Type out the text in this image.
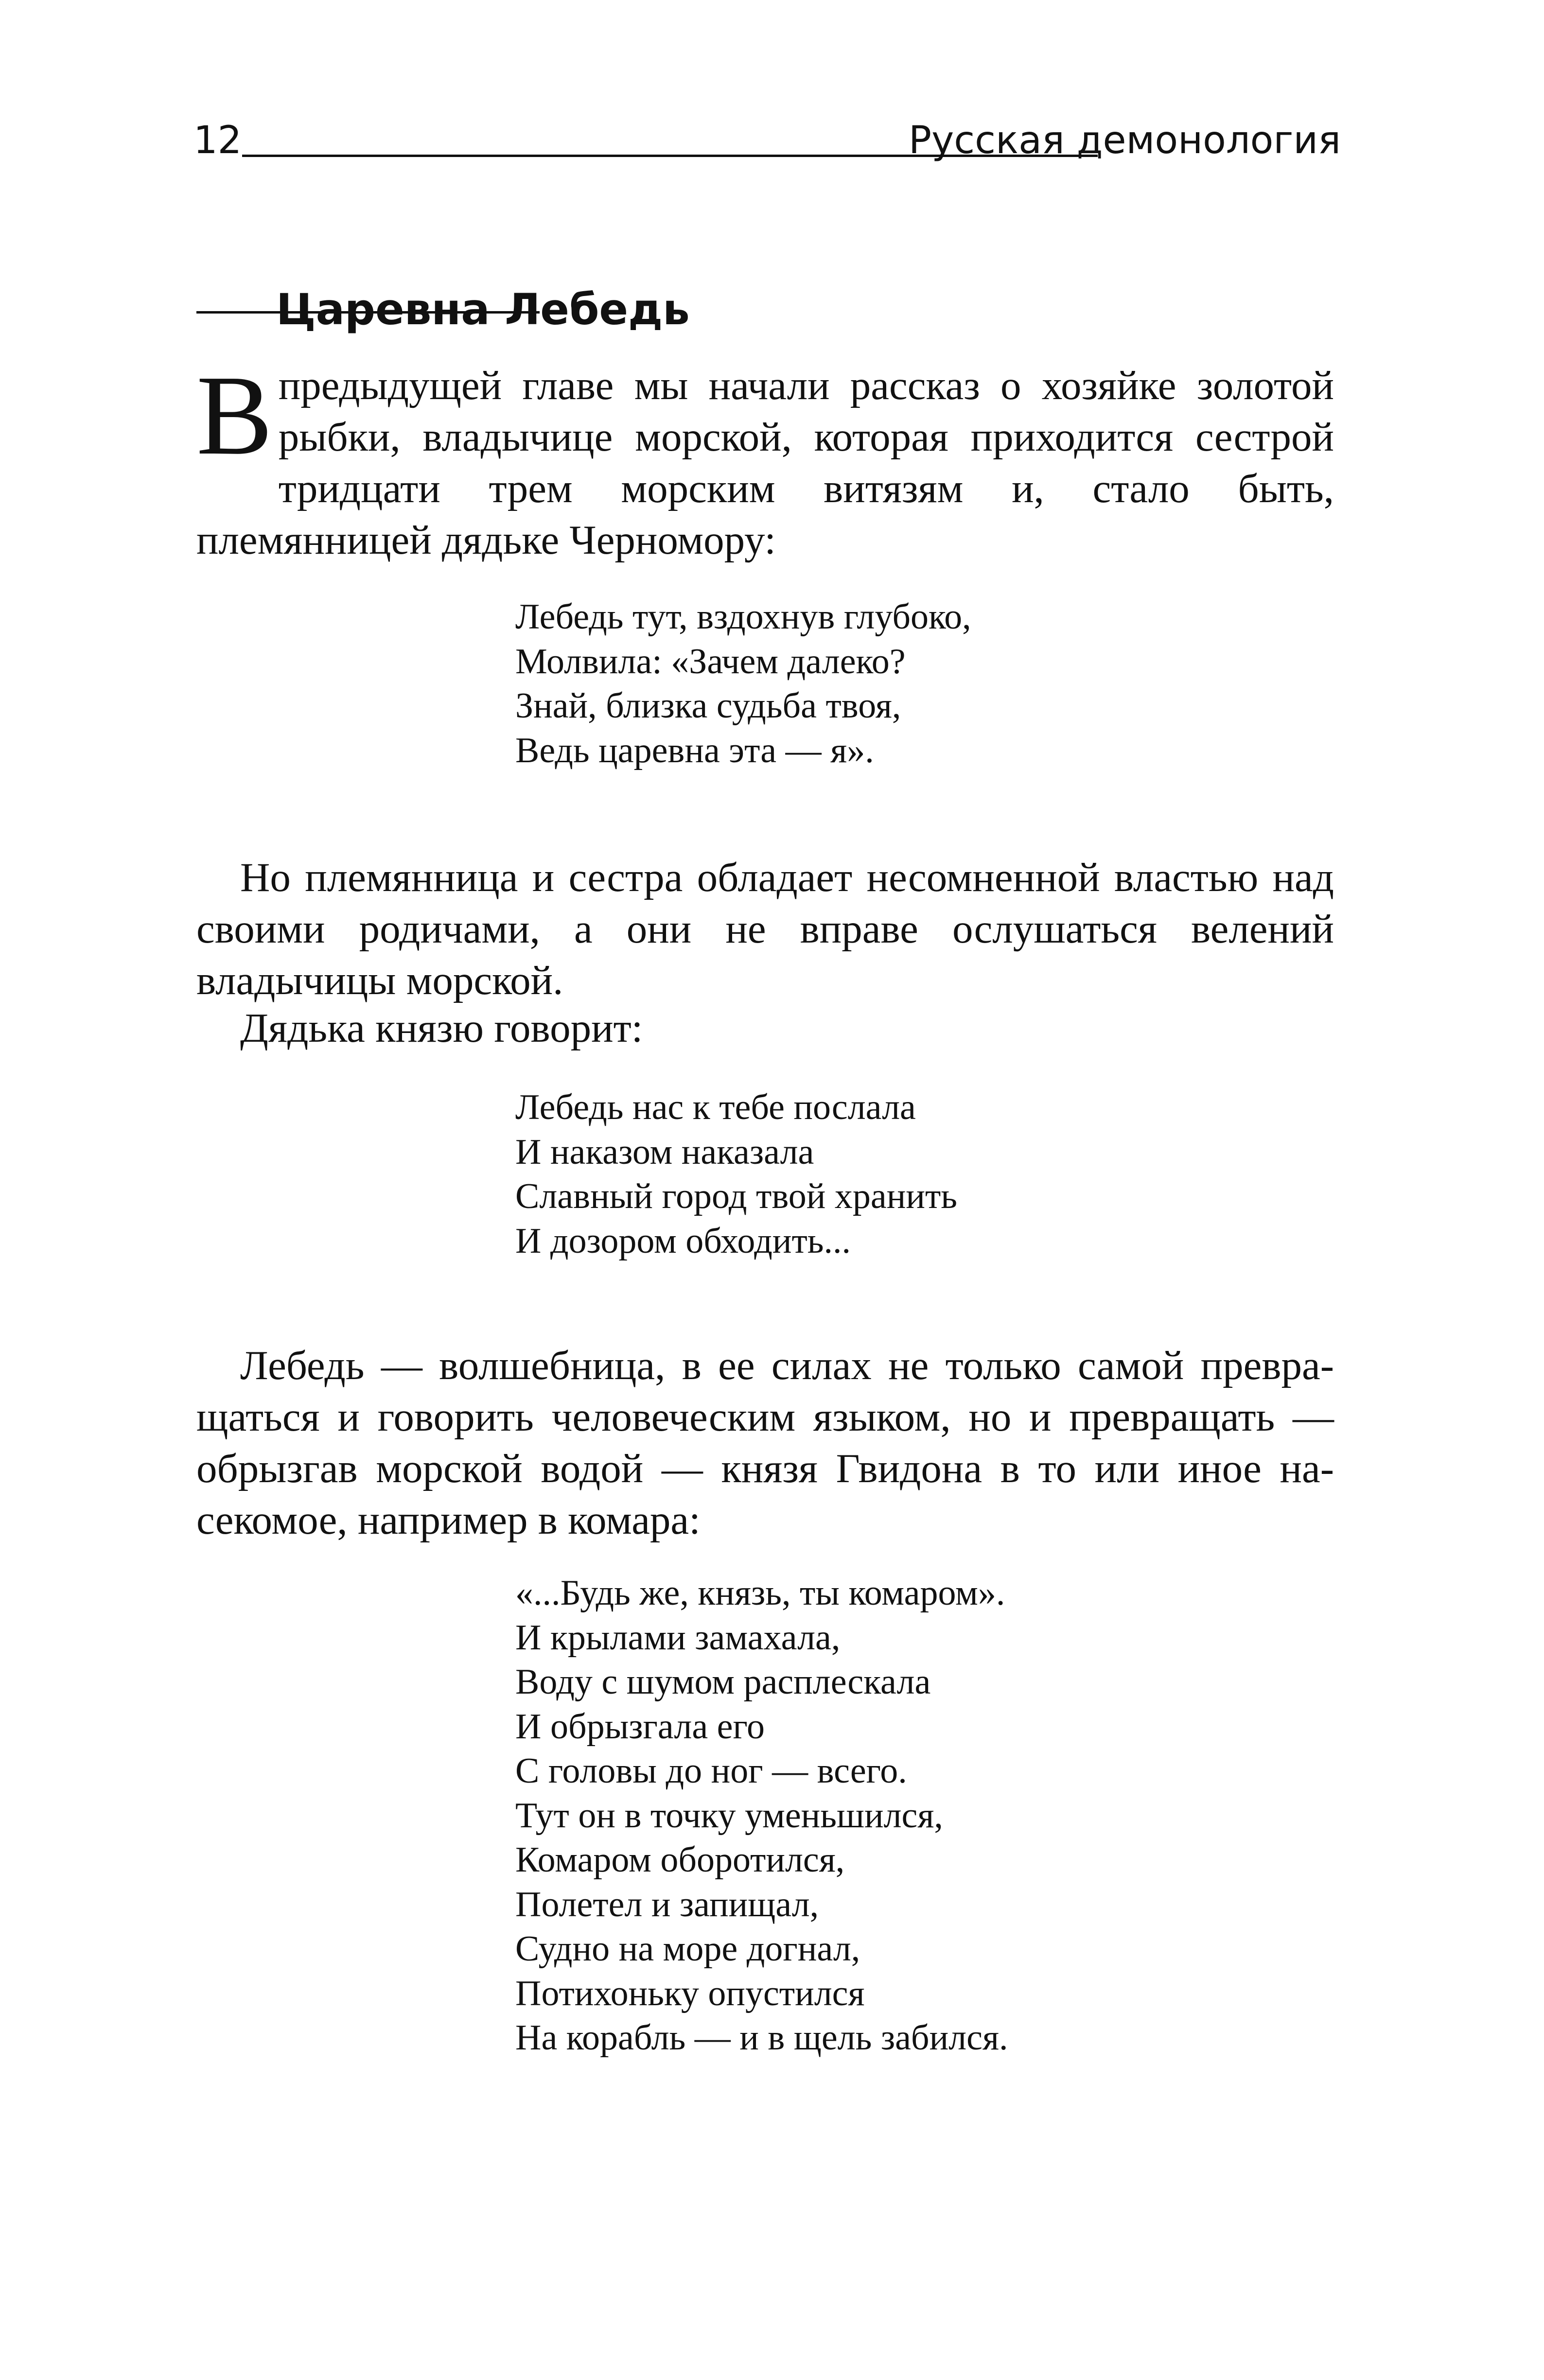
12	Русская демонология
Царевна Лебедь

Впредыдущей главе мы начали рассказ о хозяйке золотой рыбки, владычице морской, которая приходится сестрой тридцати трем морским витязям и, стало быть, племянницей дядьке Черномору:

Лебедь тут, вздохнув глубоко,
Молвила: «Зачем далеко?
Знай, близка судьба твоя,
Ведь царевна эта — я».

Но племянница и сестра обладает несомненной властью над своими родичами, а они не вправе ослушаться велений владычицы морской.

Дядька князю говорит:

Лебедь нас к тебе послала
И наказом наказала
Славный город твой хранить
И дозором обходить...

Лебедь — волшебница, в ее силах не только самой превра-щаться и говорить человеческим языком, но и превращать — обрызгав морской водой — князя Гвидона в то или иное на-секомое, например в комара:

«...Будь же, князь, ты комаром».
И крылами замахала,
Воду с шумом расплескала
И обрызгала его
С головы до ног — всего.
Тут он в точку уменьшился,
Комаром оборотился,
Полетел и запищал,
Судно на море догнал,
Потихоньку опустился
На корабль — и в щель забился.
